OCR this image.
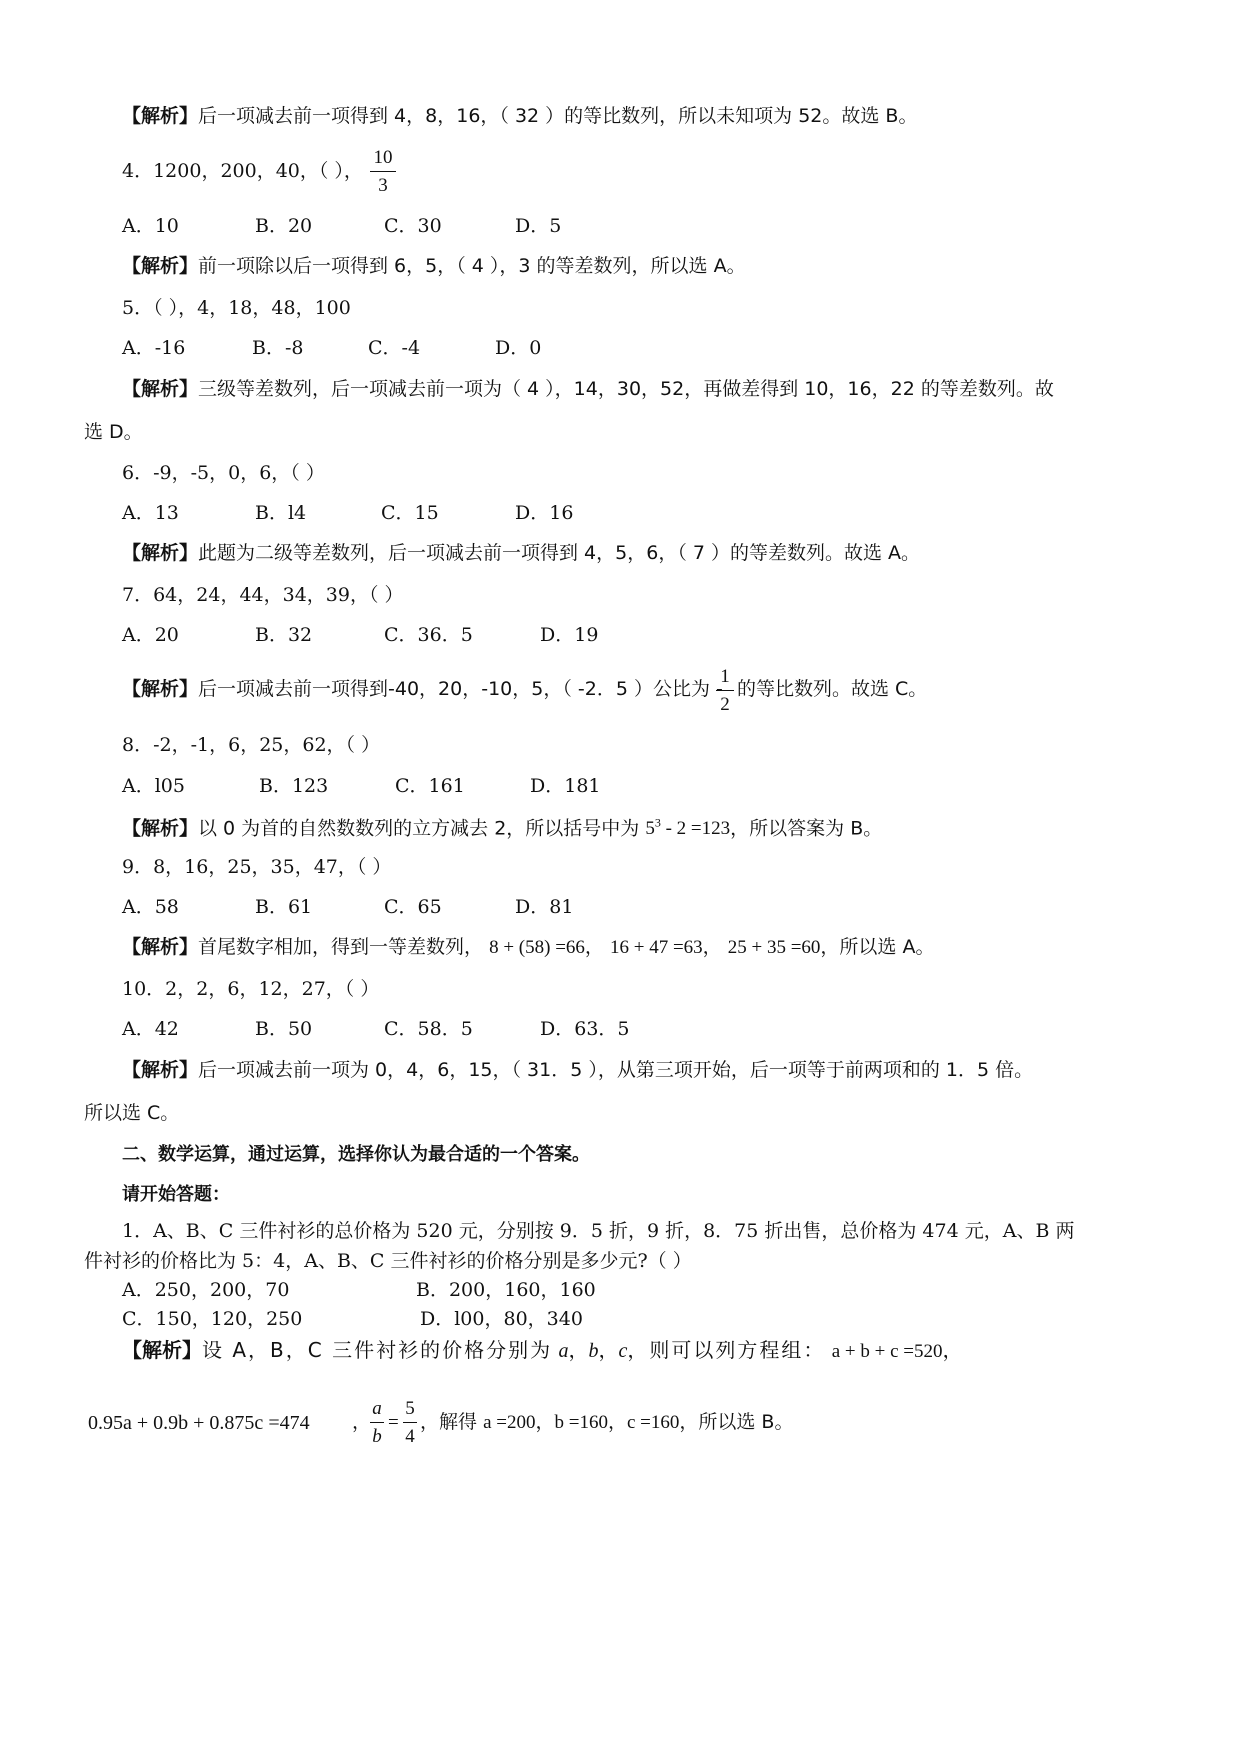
【解析】后一项减去前一项得到 4，8，16，（ 32 ）的等比数列，所以未知项为 52。故选 B。
4．1200，200，40，（ ），
10
3
A．10	B．20	C．30	D．5
【解析】前一项除以后一项得到 6，5，（ 4 ），3 的等差数列，所以选 A。
5．（ ），4，18，48，100
A．-16	B．-8	C．-4	D．0
【解析】三级等差数列，后一项减去前一项为（ 4 ），14，30，52，再做差得到 10，16，22 的等差数列。故
选 D。
6．-9，-5，0，6，（ ）
A．13	B．l4	C．15	D．16
【解析】此题为二级等差数列，后一项减去前一项得到 4，5，6，（ 7 ）的等差数列。故选 A。
7．64，24，44，34，39，（ ）
A．20	B．32	C．36．5	D．19
【解析】后一项减去前一项得到-40，20，-10，5，（ -2．5 ）公比为 -
1
2
的等比数列。故选 C。
8．-2，-1，6，25，62，（ ）
A．l05	B．123	C．161	D．181
【解析】以 0 为首的自然数数列的立方减去 2，所以括号中为 $5^3 - 2 =123$，所以答案为 B。
9．8，16，25，35，47，（ ）
A．58	B．61	C．65	D．81
【解析】首尾数字相加，得到一等差数列， 8 + (58) =66， 16 + 47 =63， 25 + 35 =60，所以选 A。
10．2，2，6，12，27，（ ）
A．42	B．50	C．58．5	D．63．5
【解析】后一项减去前一项为 0，4，6，15，（ 31．5 ），从第三项开始，后一项等于前两项和的 1．5 倍。
所以选 C。
二、数学运算，通过运算，选择你认为最合适的一个答案。
请开始答题：
1．A、B、C 三件衬衫的总价格为 520 元，分别按 9．5 折，9 折，8．75 折出售，总价格为 474 元，A、B 两
件衬衫的价格比为 5：4，A、B、C 三件衬衫的价格分别是多少元?（ ）
A．250，200，70	B．200，160，160
C．150，120，250	D．l00，80，340
【解析】设 A，B，C 三件衬衫的价格分别为 a，b，c，则可以列方程组： a + b + c =520，
0.95a + 0.9b + 0.875c =474 ，
a
b
=
5
4
，解得 a =200，b =160，c =160，所以选 B。
